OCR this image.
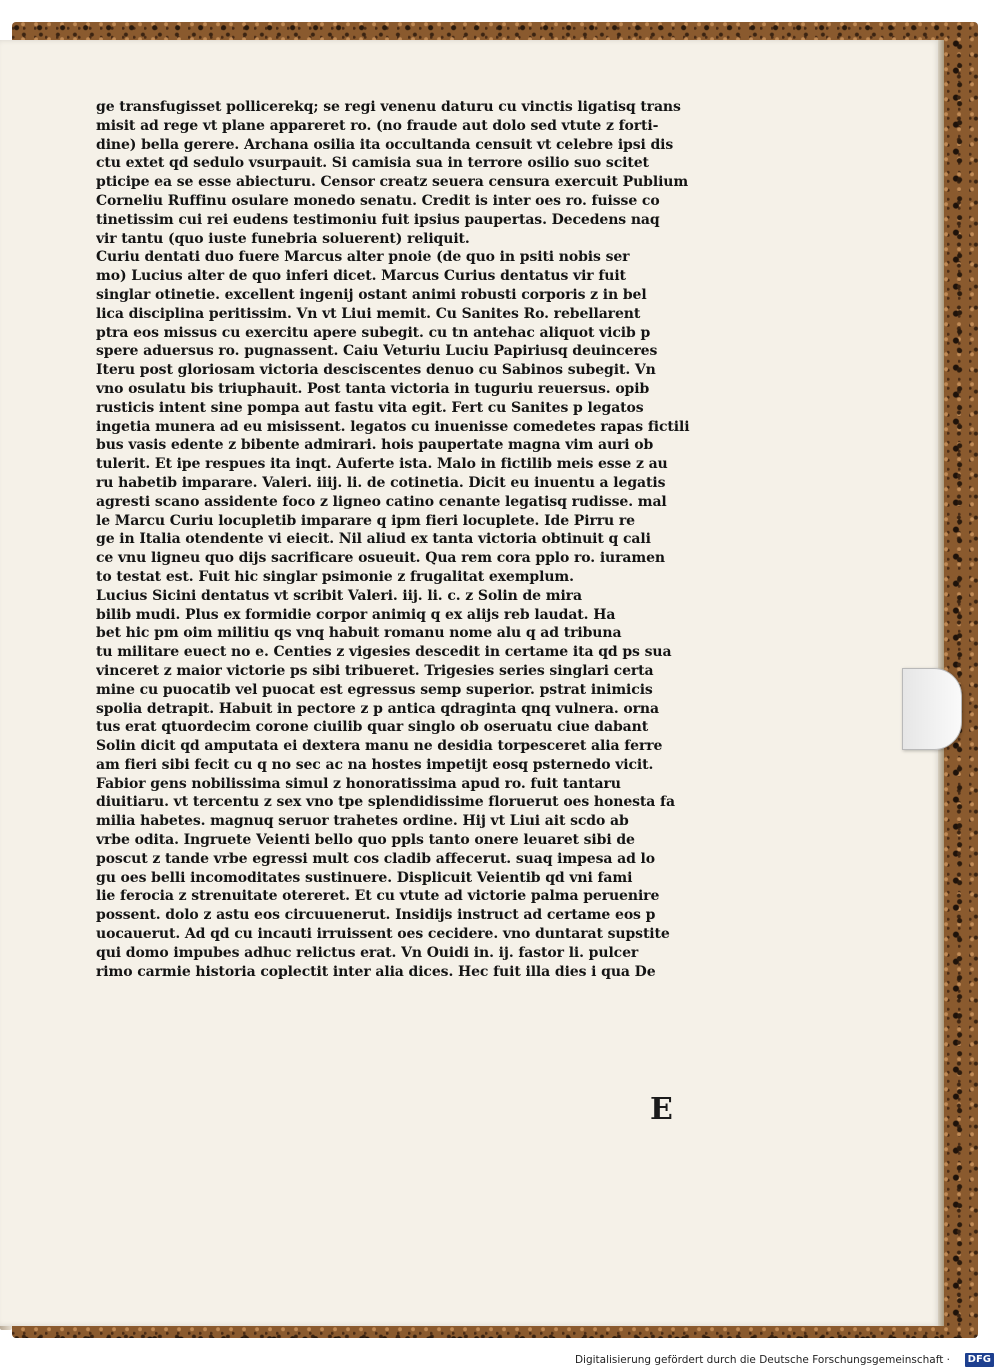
ge transfugisset pollicerekq; se regi venenu daturu cu vinctis ligatisq trans
misit ad rege vt plane appareret ro. (no fraude aut dolo sed vtute z forti-
dine) bella gerere. Archana osilia ita occultanda censuit vt celebre ipsi dis
ctu extet qd sedulo vsurpauit. Si camisia sua in terrore osilio suo scitet
pticipe ea se esse abiecturu. Censor creatz seuera censura exercuit Publium
Corneliu Ruffinu osulare monedo senatu. Credit is inter oes ro. fuisse co
tinetissim cui rei eudens testimoniu fuit ipsius paupertas. Decedens naq
vir tantu (quo iuste funebria soluerent) reliquit.
Curiu dentati duo fuere Marcus alter pnoie (de quo in psiti nobis ser
mo) Lucius alter de quo inferi dicet. Marcus Curius dentatus vir fuit
singlar otinetie. excellent ingenij ostant animi robusti corporis z in bel
lica disciplina peritissim. Vn vt Liui memit. Cu Sanites Ro. rebellarent
ptra eos missus cu exercitu apere subegit. cu tn antehac aliquot vicib p
spere aduersus ro. pugnassent. Caiu Veturiu Luciu Papiriusq deuinceres
Iteru post gloriosam victoria desciscentes denuo cu Sabinos subegit. Vn
vno osulatu bis triuphauit. Post tanta victoria in tuguriu reuersus. opib
rusticis intent sine pompa aut fastu vita egit. Fert cu Sanites p legatos
ingetia munera ad eu misissent. legatos cu inuenisse comedetes rapas fictili
bus vasis edente z bibente admirari. hois paupertate magna vim auri ob
tulerit. Et ipe respues ita inqt. Auferte ista. Malo in fictilib meis esse z au
ru habetib imparare. Valeri. iiij. li. de cotinetia. Dicit eu inuentu a legatis
agresti scano assidente foco z ligneo catino cenante legatisq rudisse. mal
le Marcu Curiu locupletib imparare q ipm fieri locuplete. Ide Pirru re
ge in Italia otendente vi eiecit. Nil aliud ex tanta victoria obtinuit q cali
ce vnu ligneu quo dijs sacrificare osueuit. Qua rem cora pplo ro. iuramen
to testat est. Fuit hic singlar psimonie z frugalitat exemplum.
Lucius Sicini dentatus vt scribit Valeri. iij. li. c. z Solin de mira
bilib mudi. Plus ex formidie corpor animiq q ex alijs reb laudat. Ha
bet hic pm oim militiu qs vnq habuit romanu nome alu q ad tribuna
tu militare euect no e. Centies z vigesies descedit in certame ita qd ps sua
vinceret z maior victorie ps sibi tribueret. Trigesies series singlari certa
mine cu puocatib vel puocat est egressus semp superior. pstrat inimicis
spolia detrapit. Habuit in pectore z p antica qdraginta qnq vulnera. orna
tus erat qtuordecim corone ciuilib quar singlo ob oseruatu ciue dabant
Solin dicit qd amputata ei dextera manu ne desidia torpesceret alia ferre
am fieri sibi fecit cu q no sec ac na hostes impetijt eosq psternedo vicit.
Fabior gens nobilissima simul z honoratissima apud ro. fuit tantaru
diuitiaru. vt tercentu z sex vno tpe splendidissime floruerut oes honesta fa
milia habetes. magnuq seruor trahetes ordine. Hij vt Liui ait scdo ab
vrbe odita. Ingruete Veienti bello quo ppls tanto onere leuaret sibi de
poscut z tande vrbe egressi mult cos cladib affecerut. suaq impesa ad lo
gu oes belli incomoditates sustinuere. Displicuit Veientib qd vni fami
lie ferocia z strenuitate otereret. Et cu vtute ad victorie palma peruenire
possent. dolo z astu eos circuuenerut. Insidijs instruct ad certame eos p
uocauerut. Ad qd cu incauti irruissent oes cecidere. vno duntarat supstite
qui domo impubes adhuc relictus erat. Vn Ouidi in. ij. fastor li. pulcer
rimo carmie historia coplectit inter alia dices. Hec fuit illa dies i qua De
E
Digitalisierung gefördert durch die Deutsche Forschungsgemeinschaft ·	DFG
